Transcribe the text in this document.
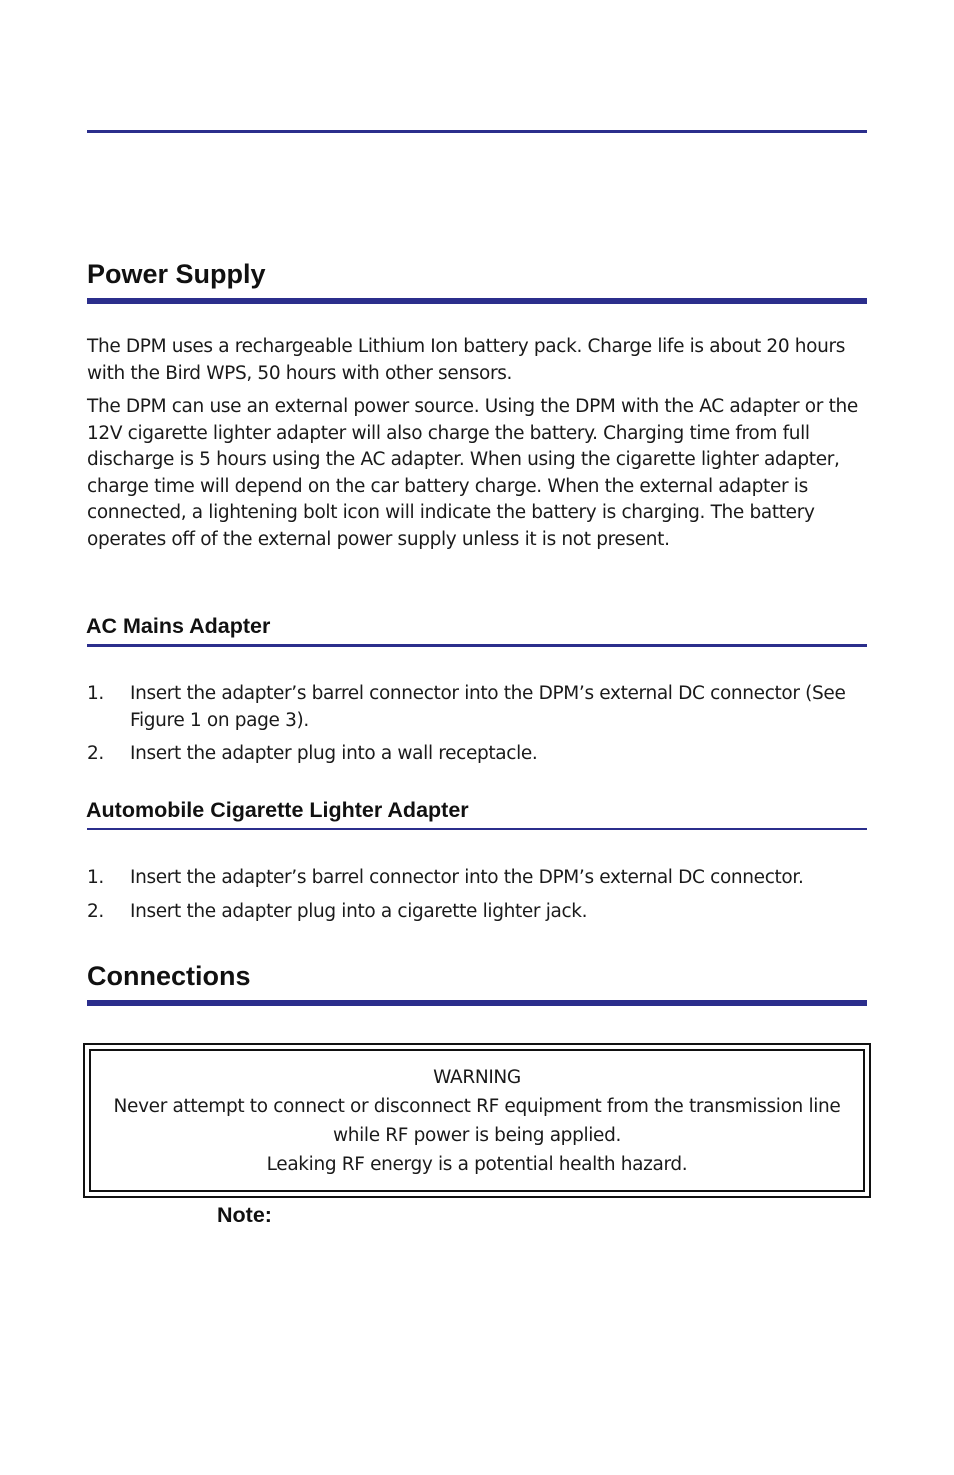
Power Supply

The DPM uses a rechargeable Lithium Ion battery pack. Charge life is about 20 hours with the Bird WPS, 50 hours with other sensors.

The DPM can use an external power source. Using the DPM with the AC adapter or the 12V cigarette lighter adapter will also charge the battery. Charging time from full discharge is 5 hours using the AC adapter. When using the cigarette lighter adapter, charge time will depend on the car battery charge. When the external adapter is connected, a lightening bolt icon will indicate the battery is charging. The battery operates off of the external power supply unless it is not present.

AC Mains Adapter
1. Insert the adapter’s barrel connector into the DPM’s external DC connector (See Figure 1 on page 3).
2. Insert the adapter plug into a wall receptacle.
Automobile Cigarette Lighter Adapter
1. Insert the adapter’s barrel connector into the DPM’s external DC connector.
2. Insert the adapter plug into a cigarette lighter jack.
Connections
WARNING
Never attempt to connect or disconnect RF equipment from the transmission line while RF power is being applied.
Leaking RF energy is a potential health hazard.
Note:
